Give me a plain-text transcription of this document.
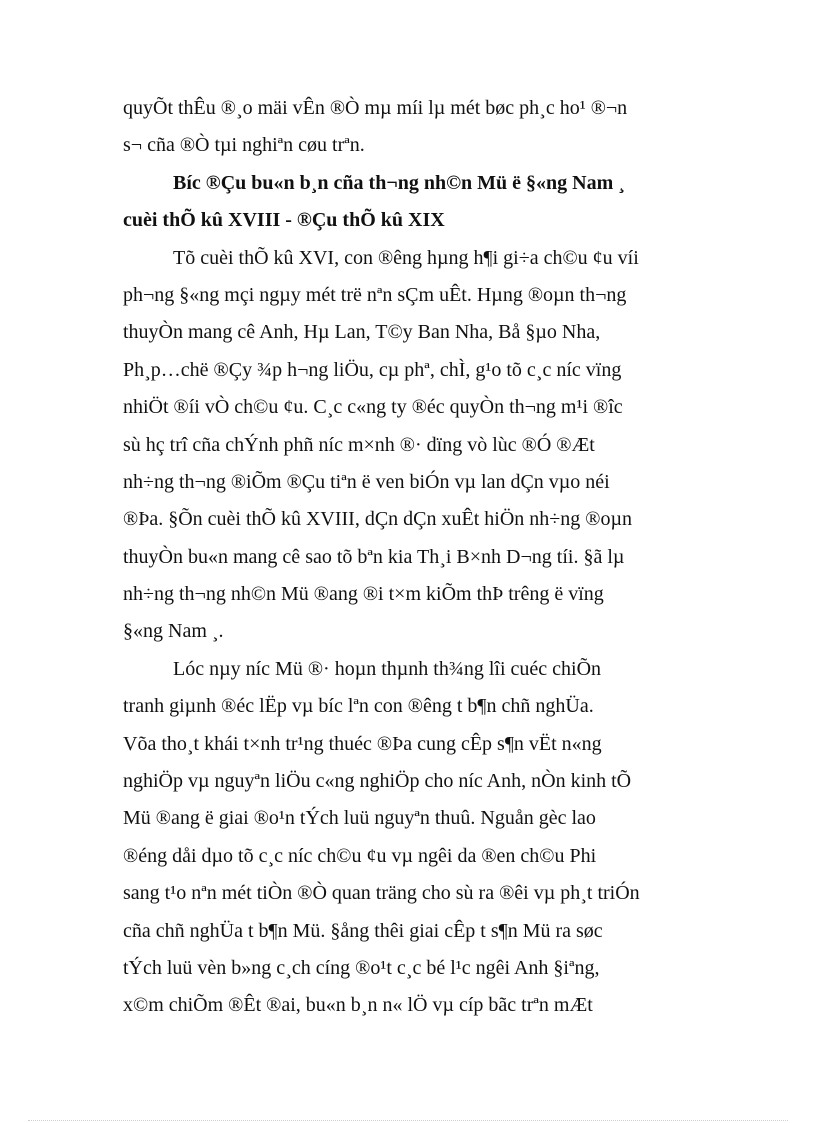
quyÕt thÊu ®¸o mäi vÊn ®Ò mµ míi lµ mét bøc ph¸c ho¹ ®¬n
s¬ cña ®Ò tµi nghiªn cøu trªn.
Bíc ®Çu bu«n b¸n cña th¬ng nh©n Mü ë §«ng Nam ¸
cuèi thÕ kû XVIII - ®Çu thÕ kû XIX
Tõ cuèi thÕ kû XVI, con ®êng hµng h¶i gi÷a ch©u ¢u víi
ph¬ng §«ng mçi ngµy mét trë nªn sÇm uÊt. Hµng ®oµn th¬ng
thuyÒn mang cê Anh, Hµ Lan, T©y Ban Nha, Bå §µo Nha,
Ph¸p…chë ®Çy ¾p h¬ng liÖu, cµ phª, chÌ, g¹o tõ c¸c níc vïng
nhiÖt ®íi vÒ ch©u ¢u. C¸c c«ng ty ®éc quyÒn th¬ng m¹i ®îc
sù hç trî cña chÝnh phñ níc m×nh ®· dïng vò lùc ®Ó ®Æt
nh÷ng th¬ng ®iÕm ®Çu tiªn ë ven biÓn vµ lan dÇn vµo néi
®Þa. §Õn cuèi thÕ kû XVIII, dÇn dÇn xuÊt hiÖn nh÷ng ®oµn
thuyÒn bu«n mang cê sao tõ bªn kia Th¸i B×nh D¬ng tíi. §ã lµ
nh÷ng th¬ng nh©n Mü ®ang ®i t×m kiÕm thÞ trêng ë vïng
§«ng Nam ¸.
Lóc nµy níc Mü ®· hoµn thµnh th¾ng lîi cuéc chiÕn
tranh giµnh ®éc lËp vµ bíc lªn con ®êng t b¶n chñ nghÜa.
Võa tho¸t khái t×nh tr¹ng thuéc ®Þa cung cÊp s¶n vËt n«ng
nghiÖp vµ nguyªn liÖu c«ng nghiÖp cho níc Anh, nÒn kinh tÕ
Mü ®ang ë giai ®o¹n tÝch luü nguyªn thuû. Nguån gèc lao
®éng dåi dµo tõ c¸c níc ch©u ¢u vµ ngêi da ®en ch©u Phi
sang t¹o nªn mét tiÒn ®Ò quan träng cho sù ra ®êi vµ ph¸t triÓn
cña chñ nghÜa t b¶n Mü. §ång thêi giai cÊp t s¶n Mü ra søc
tÝch luü vèn b»ng c¸ch cíng ®o¹t c¸c bé l¹c ngêi Anh §iªng,
x©m chiÕm ®Êt ®ai, bu«n b¸n n« lÖ vµ cíp bãc trªn mÆt
